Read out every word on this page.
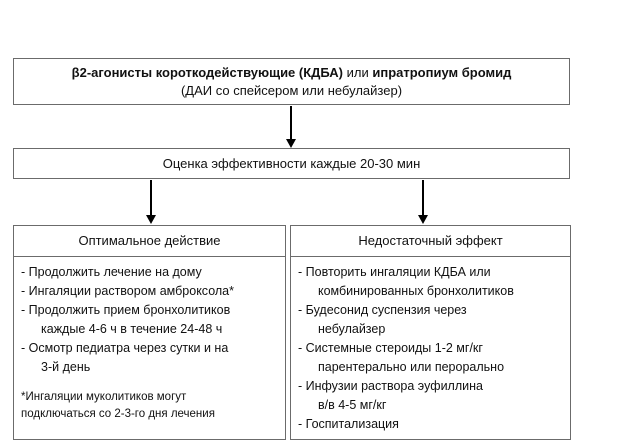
β2-агонисты короткодействующие (КДБА) или ипратропиум бромид
(ДАИ со спейсером или небулайзер)
Оценка эффективности каждые 20-30 мин
Оптимальное действие
- Продолжить лечение на дому
- Ингаляции раствором амброксола*
- Продолжить прием бронхолитиков
каждые 4-6 ч в течение 24-48 ч
- Осмотр педиатра через сутки и на
3-й день
*Ингаляции муколитиков могут
подключаться со 2-3-го дня лечения
Недостаточный эффект
- Повторить ингаляции КДБА или
комбинированных бронхолитиков
- Будесонид суспензия через
небулайзер
- Системные стероиды 1-2 мг/кг
парентерально или перорально
- Инфузии раствора эуфиллина
в/в 4-5 мг/кг
- Госпитализация
